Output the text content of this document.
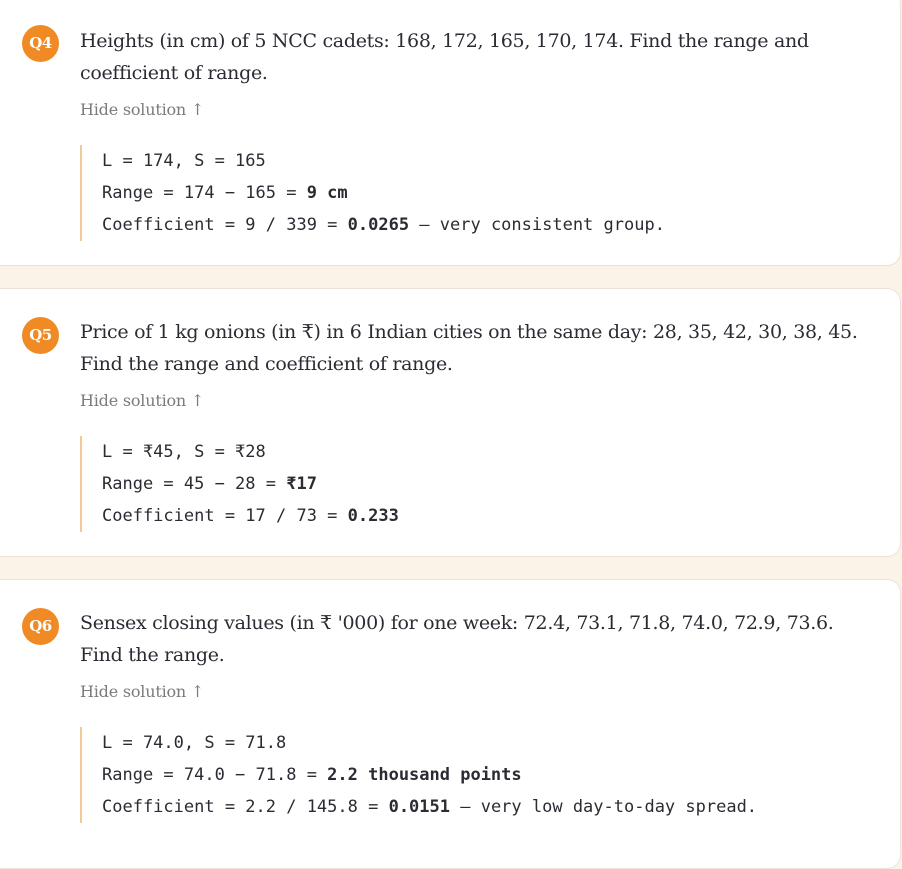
Q4	Heights (in cm) of 5 NCC cadets: 168, 172, 165, 170, 174. Find the range and coefficient of range.
Hide solution ↑
L = 174, S = 165
Range = 174 − 165 = 9 cm
Coefficient = 9 / 339 = 0.0265 — very consistent group.
Q5	Price of 1 kg onions (in ₹) in 6 Indian cities on the same day: 28, 35, 42, 30, 38, 45. Find the range and coefficient of range.
Hide solution ↑
L = ₹45, S = ₹28
Range = 45 − 28 = ₹17
Coefficient = 17 / 73 = 0.233
Q6	Sensex closing values (in ₹ '000) for one week: 72.4, 73.1, 71.8, 74.0, 72.9, 73.6. Find the range.
Hide solution ↑
L = 74.0, S = 71.8
Range = 74.0 − 71.8 = 2.2 thousand points
Coefficient = 2.2 / 145.8 = 0.0151 — very low day-to-day spread.
